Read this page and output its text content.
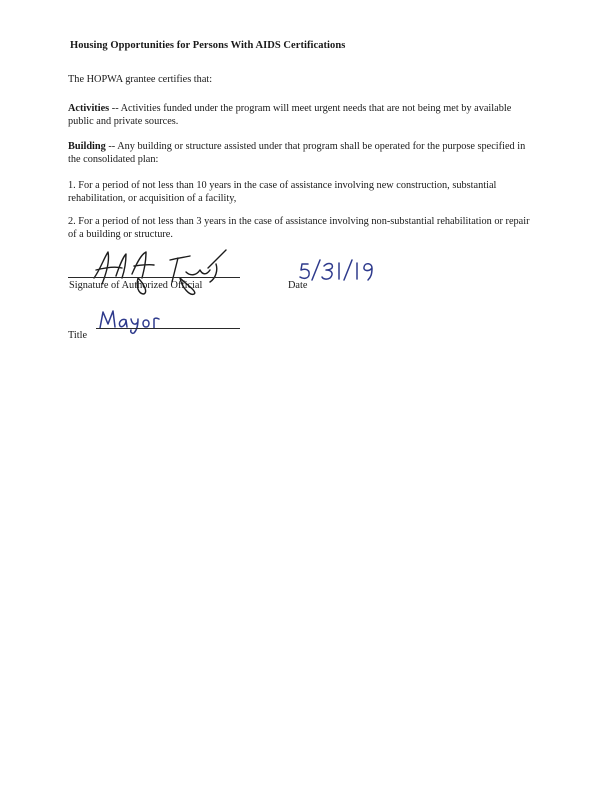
Housing Opportunities for Persons With AIDS Certifications
The HOPWA grantee certifies that:
Activities -- Activities funded under the program will meet urgent needs that are not being met by available public and private sources.
Building -- Any building or structure assisted under that program shall be operated for the purpose specified in the consolidated plan:
1. For a period of not less than 10 years in the case of assistance involving new construction, substantial rehabilitation, or acquisition of a facility,
2. For a period of not less than 3 years in the case of assistance involving non-substantial rehabilitation or repair of a building or structure.
Signature of Authorized Official	Date
Title
